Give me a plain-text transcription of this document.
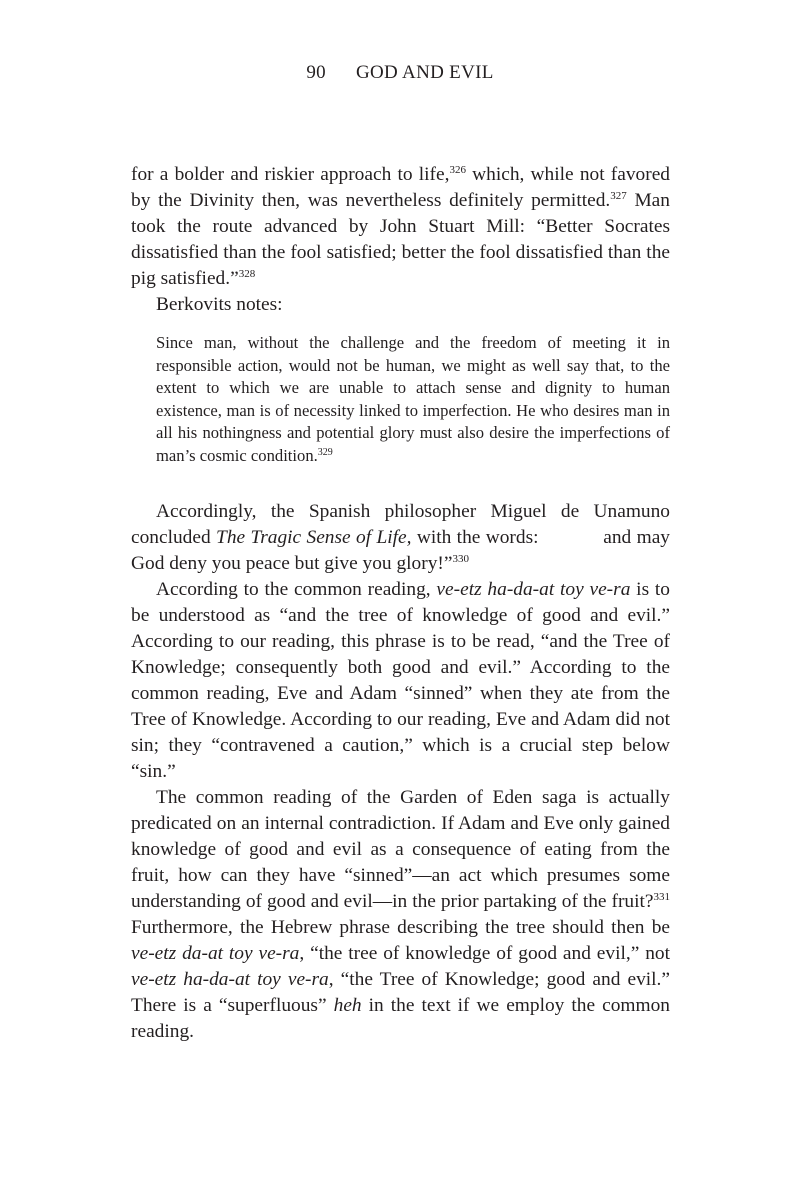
90 GOD AND EVIL

for a bolder and riskier approach to life,$^{326}$ which, while not favored by the Divinity then, was nevertheless definitely permitted.$^{327}$ Man took the route advanced by John Stuart Mill: “Better Socrates dissatisfied than the fool satisfied; better the fool dissatisfied than the pig satisfied.”$^{328}$

Berkovits notes:

Since man, without the challenge and the freedom of meeting it in responsible action, would not be human, we might as well say that, to the extent to which we are unable to attach sense and dignity to human existence, man is of necessity linked to imperfection. He who desires man in all his nothingness and potential glory must also desire the imperfections of man’s cosmic condition.$^{329}$

Accordingly, the Spanish philosopher Miguel de Unamuno concluded The Tragic Sense of Life, with the words:	and may God deny you peace but give you glory!”$^{330}$

According to the common reading, ve-etz ha-da-at toy ve-ra is to be understood as “and the tree of knowledge of good and evil.” According to our reading, this phrase is to be read, “and the Tree of Knowledge; consequently both good and evil.” According to the common reading, Eve and Adam “sinned” when they ate from the Tree of Knowledge. According to our reading, Eve and Adam did not sin; they “contravened a caution,” which is a crucial step below “sin.”

The common reading of the Garden of Eden saga is actually predicated on an internal contradiction. If Adam and Eve only gained knowledge of good and evil as a consequence of eating from the fruit, how can they have “sinned”—an act which presumes some understanding of good and evil—in the prior partaking of the fruit?$^{331}$ Furthermore, the Hebrew phrase describing the tree should then be ve-etz da-at toy ve-ra, “the tree of knowledge of good and evil,” not ve-etz ha-da-at toy ve-ra, “the Tree of Knowledge; good and evil.” There is a “superfluous” heh in the text if we employ the common reading.
